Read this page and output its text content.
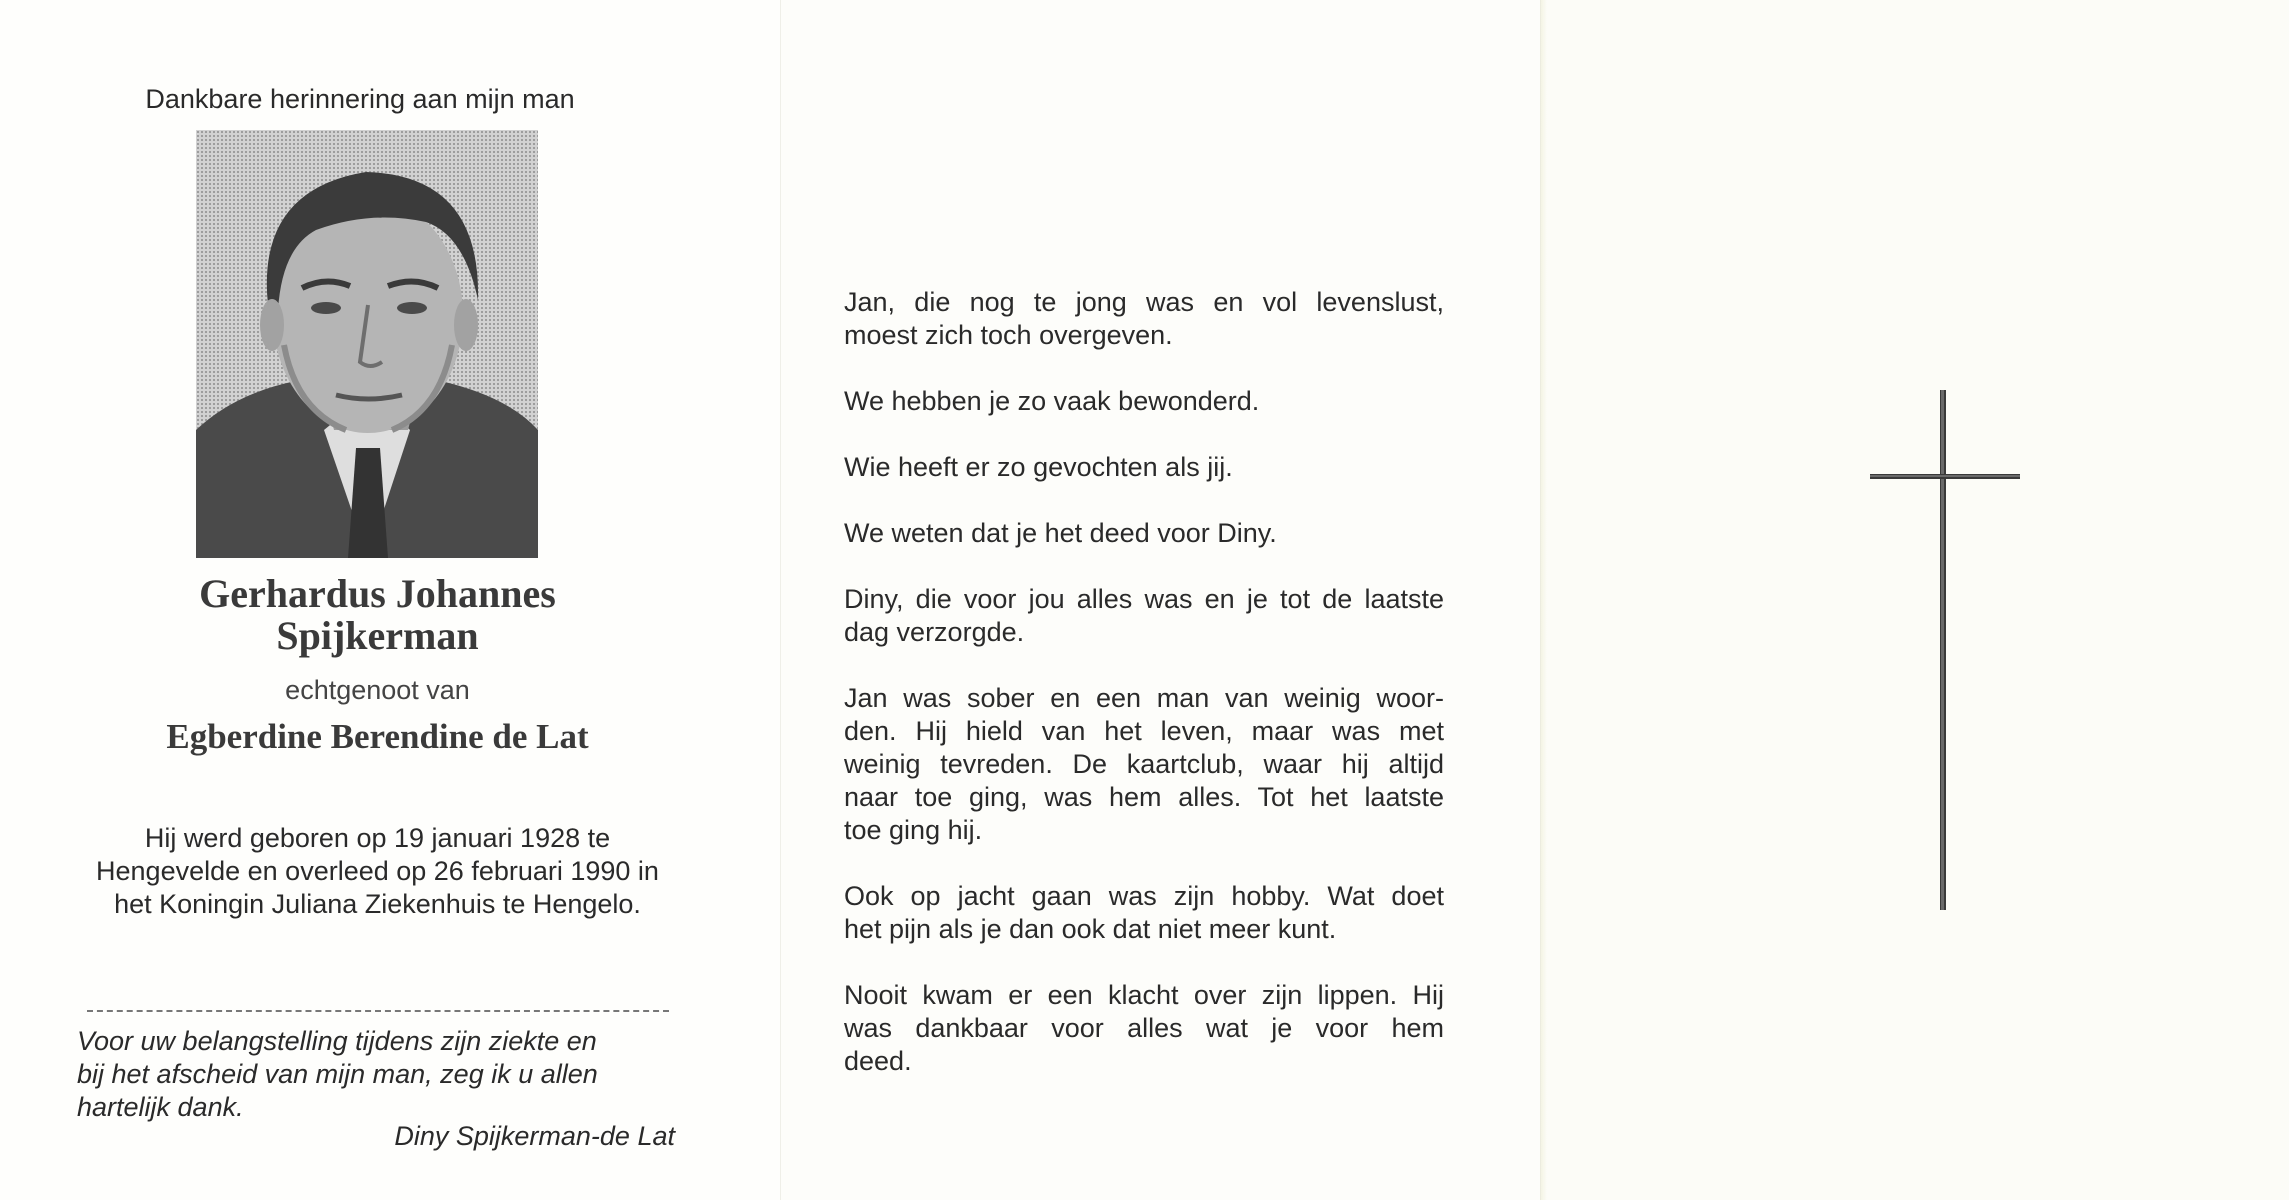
Dankbare herinnering aan mijn man
Gerhardus Johannes
Spijkerman
echtgenoot van
Egberdine Berendine de Lat
Hij werd geboren op 19 januari 1928 te
Hengevelde en overleed op 26 februari 1990 in
het Koningin Juliana Ziekenhuis te Hengelo.
Voor uw belangstelling tijdens zijn ziekte en
bij het afscheid van mijn man, zeg ik u allen
hartelijk dank.
Diny Spijkerman-de Lat
Jan, die nog te jong was en vol levenslust,
moest zich toch overgeven.
We hebben je zo vaak bewonderd.
Wie heeft er zo gevochten als jij.
We weten dat je het deed voor Diny.
Diny, die voor jou alles was en je tot de laatste
dag verzorgde.
Jan was sober en een man van weinig woor-
den. Hij hield van het leven, maar was met
weinig tevreden. De kaartclub, waar hij altijd
naar toe ging, was hem alles. Tot het laatste
toe ging hij.
Ook op jacht gaan was zijn hobby. Wat doet
het pijn als je dan ook dat niet meer kunt.
Nooit kwam er een klacht over zijn lippen. Hij
was dankbaar voor alles wat je voor hem
deed.
